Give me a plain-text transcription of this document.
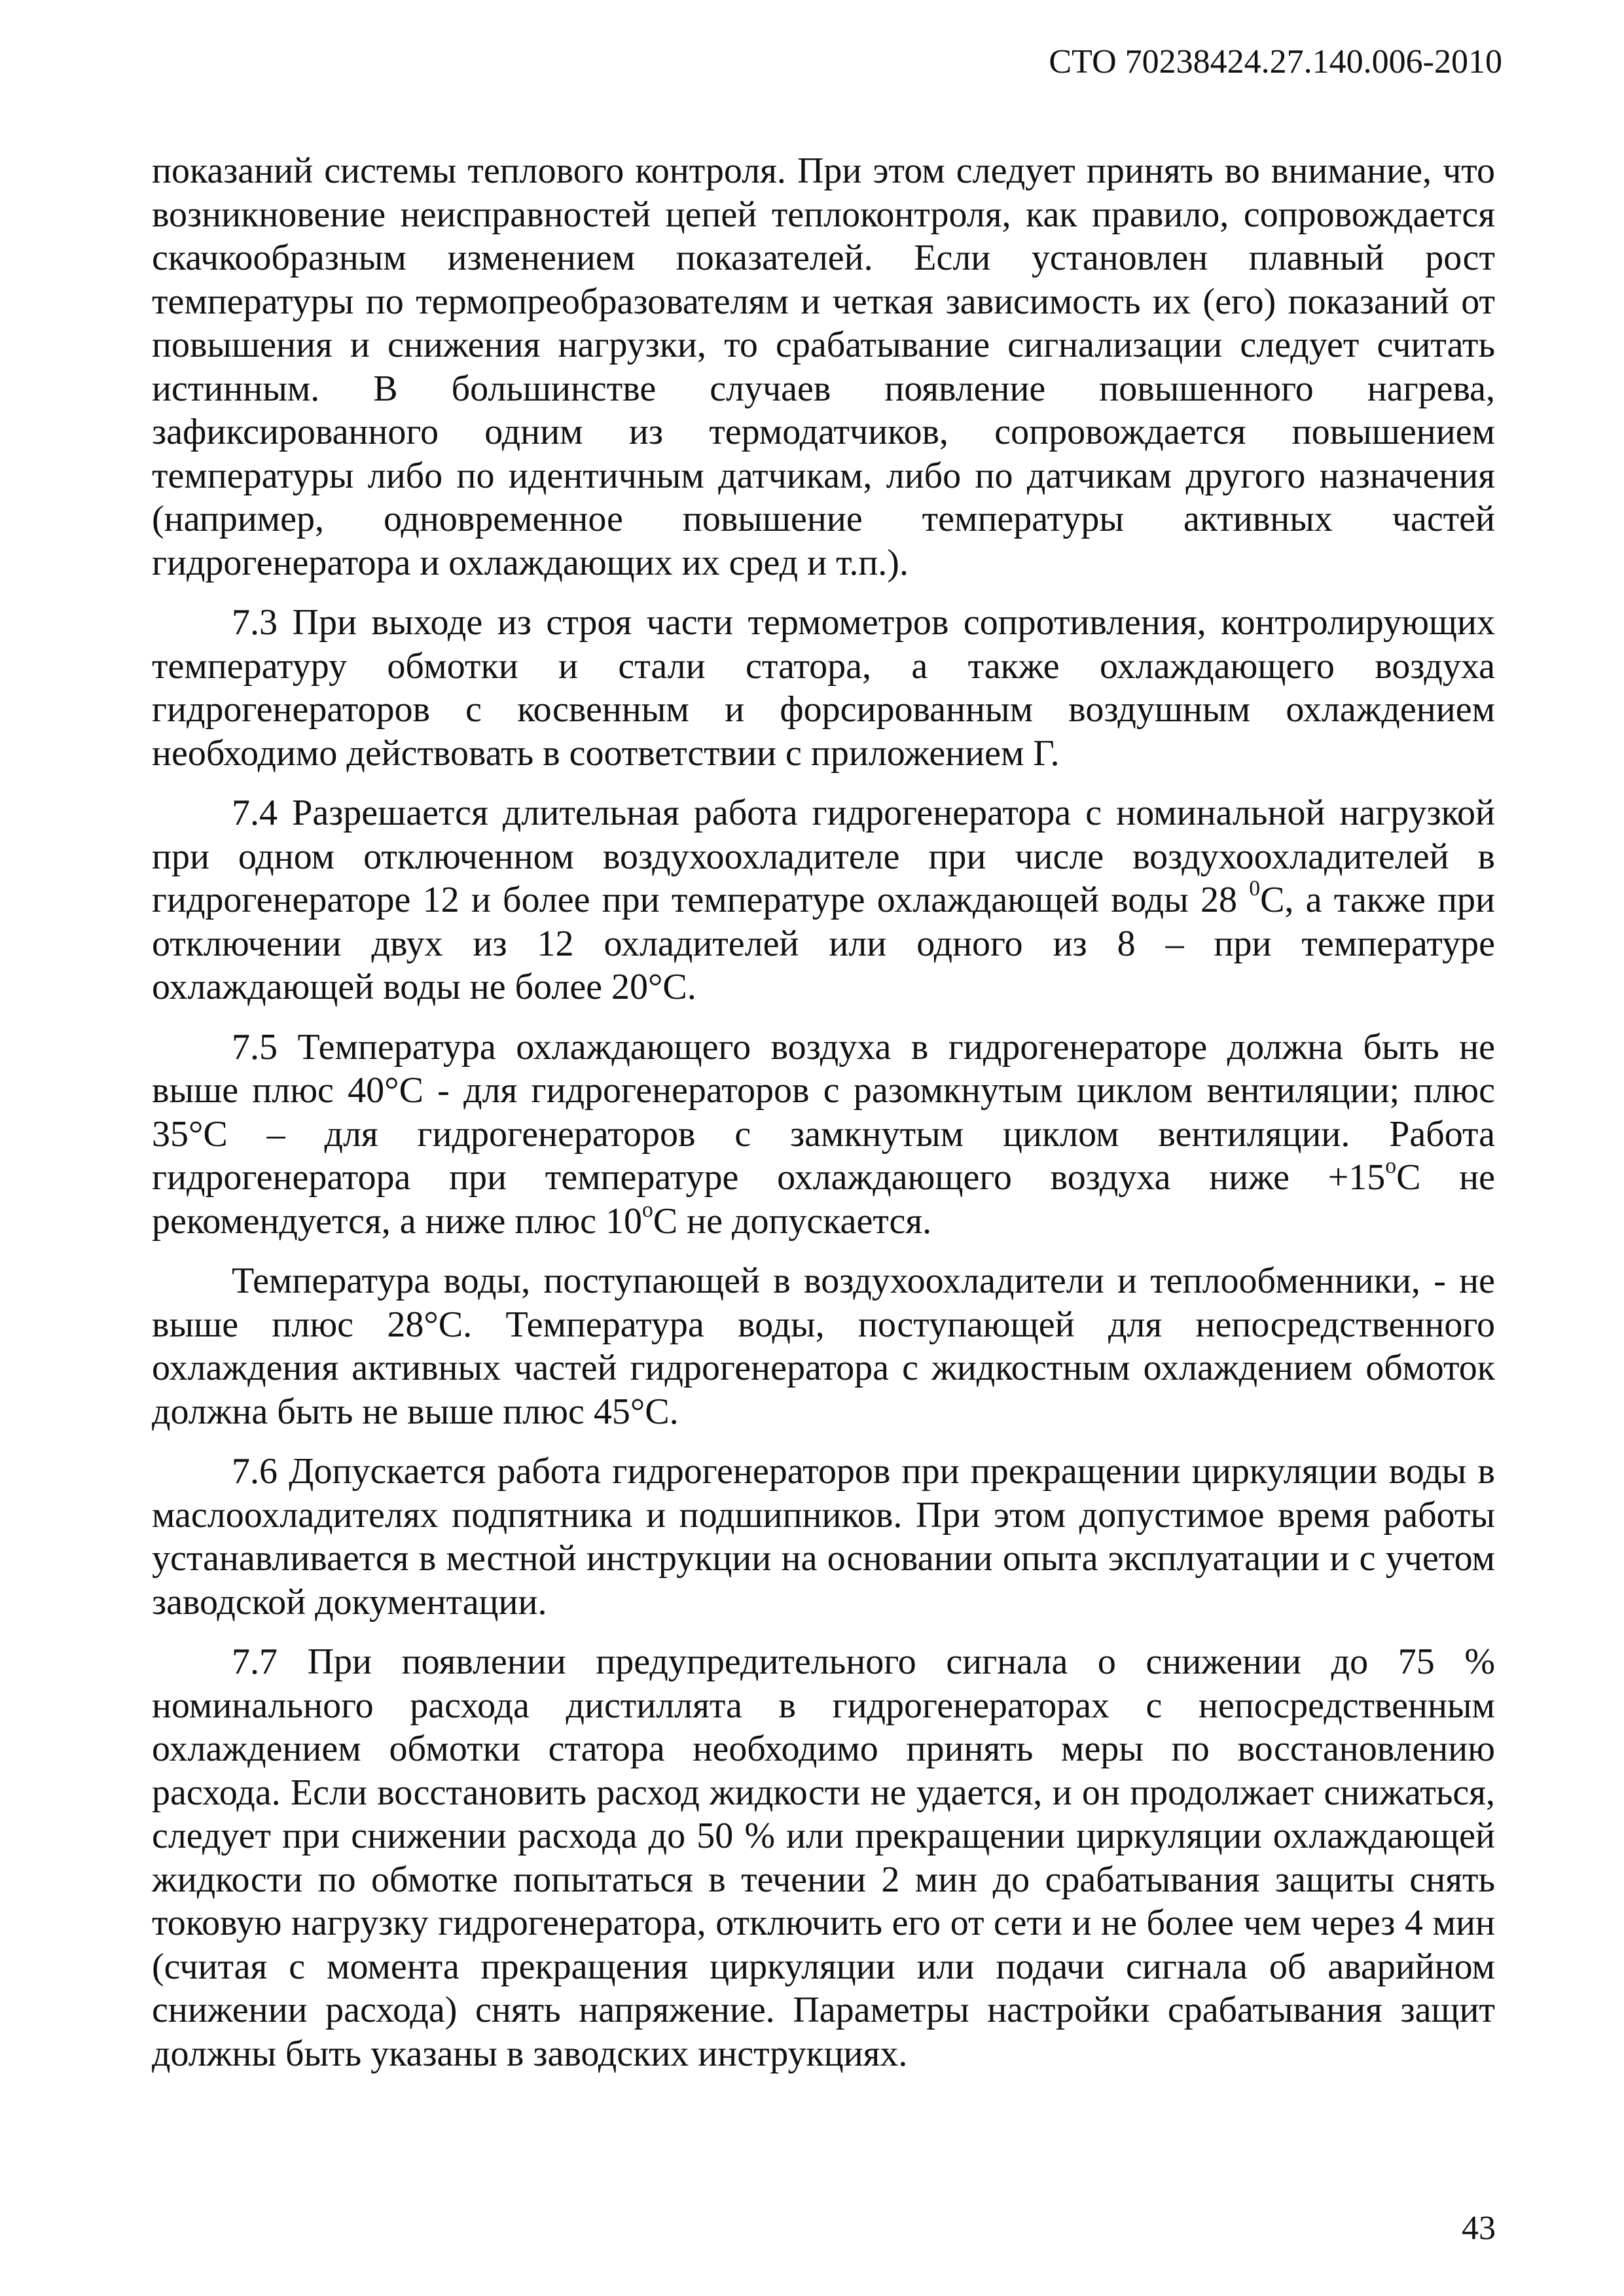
СТО 70238424.27.140.006-2010

показаний системы теплового контроля. При этом следует принять во внимание, что возникновение неисправностей цепей теплоконтроля, как правило, сопровождается скачкообразным изменением показателей. Если установлен плавный рост температуры по термопреобразователям и четкая зависимость их (его) показаний от повышения и снижения нагрузки, то срабатывание сигнализации следует считать истинным. В большинстве случаев появление повышенного нагрева, зафиксированного одним из термодатчиков, сопровождается повышением температуры либо по идентичным датчикам, либо по датчикам другого назначения (например, одновременное повышение температуры активных частей гидрогенератора и охлаждающих их сред и т.п.).

7.3 При выходе из строя части термометров сопротивления, контролирующих температуру обмотки и стали статора, а также охлаждающего воздуха гидрогенераторов с косвенным и форсированным воздушным охлаждением необходимо действовать в соответствии с приложением Г.

7.4 Разрешается длительная работа гидрогенератора с номинальной нагрузкой при одном отключенном воздухоохладителе при числе воздухоохладителей в гидрогенераторе 12 и более при температуре охлаждающей воды 28 $^0$С, а также при отключении двух из 12 охладителей или одного из 8 – при температуре охлаждающей воды не более 20°С.

7.5 Температура охлаждающего воздуха в гидрогенераторе должна быть не выше плюс 40°С - для гидрогенераторов с разомкнутым циклом вентиляции; плюс 35°С – для гидрогенераторов с замкнутым циклом вентиляции. Работа гидрогенератора при температуре охлаждающего воздуха ниже $+15^оС$ не рекомендуется, а ниже плюс $10^оС$ не допускается.

Температура воды, поступающей в воздухоохладители и теплообменники, - не выше плюс 28°С. Температура воды, поступающей для непосредственного охлаждения активных частей гидрогенератора с жидкостным охлаждением обмоток должна быть не выше плюс 45°С.

7.6 Допускается работа гидрогенераторов при прекращении циркуляции воды в маслоохладителях подпятника и подшипников. При этом допустимое время работы устанавливается в местной инструкции на основании опыта эксплуатации и с учетом заводской документации.

7.7 При появлении предупредительного сигнала о снижении до 75 % номинального расхода дистиллята в гидрогенераторах с непосредственным охлаждением обмотки статора необходимо принять меры по восстановлению расхода. Если восстановить расход жидкости не удается, и он продолжает снижаться, следует при снижении расхода до 50 % или прекращении циркуляции охлаждающей жидкости по обмотке попытаться в течении 2 мин до срабатывания защиты снять токовую нагрузку гидрогенератора, отключить его от сети и не более чем через 4 мин (считая с момента прекращения циркуляции или подачи сигнала об аварийном снижении расхода) снять напряжение. Параметры настройки срабатывания защит должны быть указаны в заводских инструкциях.

43
